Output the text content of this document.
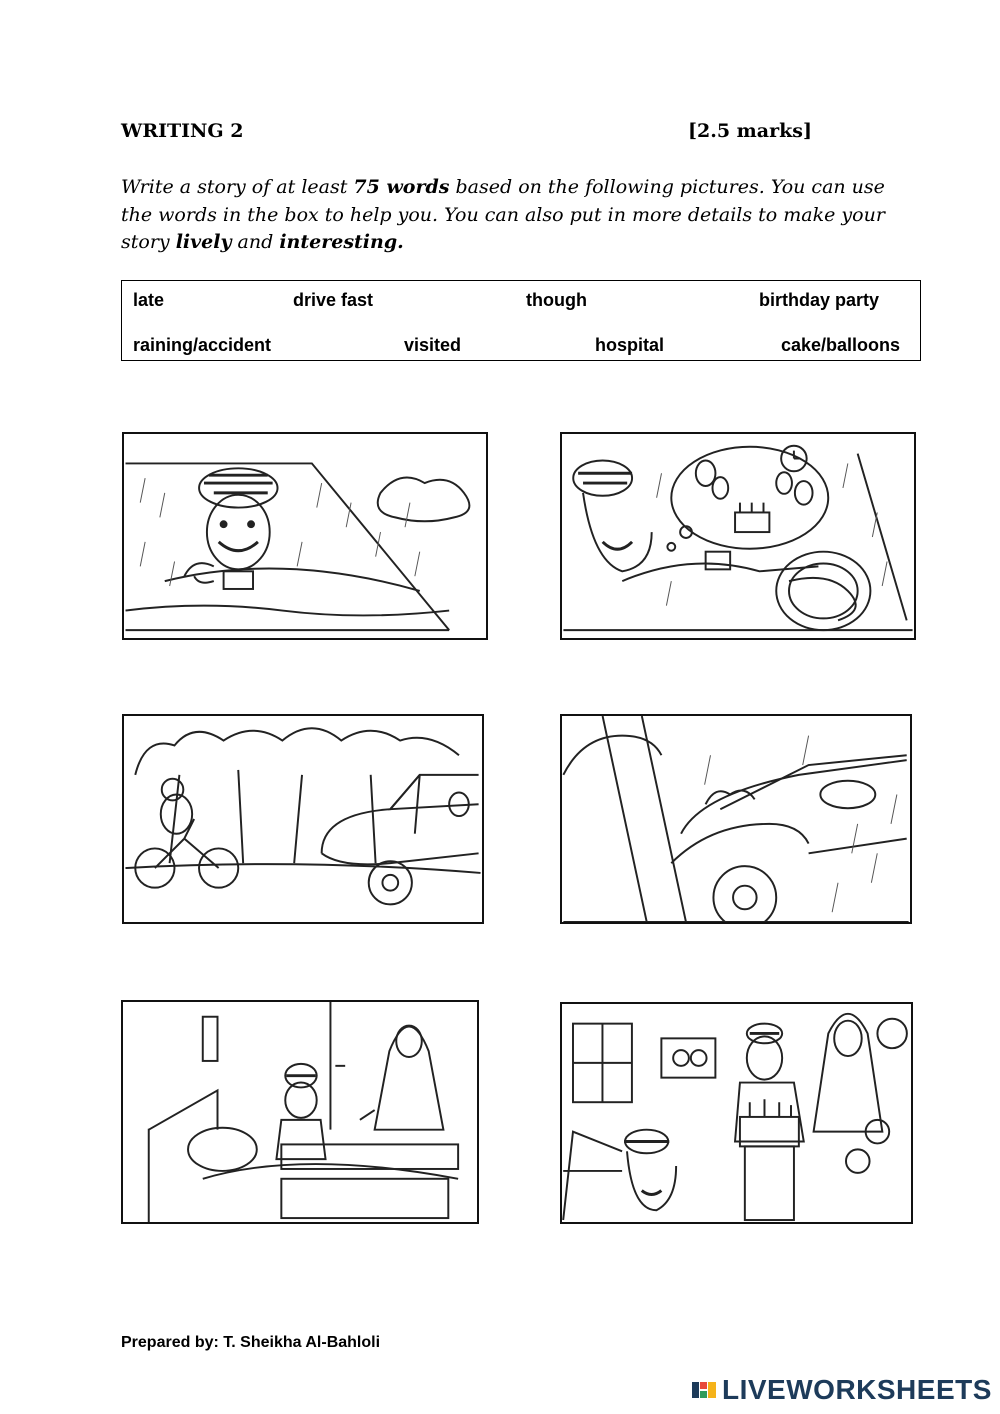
WRITING 2	[2.5 marks]
Write a story of at least 75 words based on the following pictures. You can use the words in the box to help you. You can also put in more details to make your story lively and interesting.
late	drive fast	though	birthday party
raining/accident	visited	hospital	cake/balloons
Prepared by: T. Sheikha Al-Bahloli
LIVEWORKSHEETS
